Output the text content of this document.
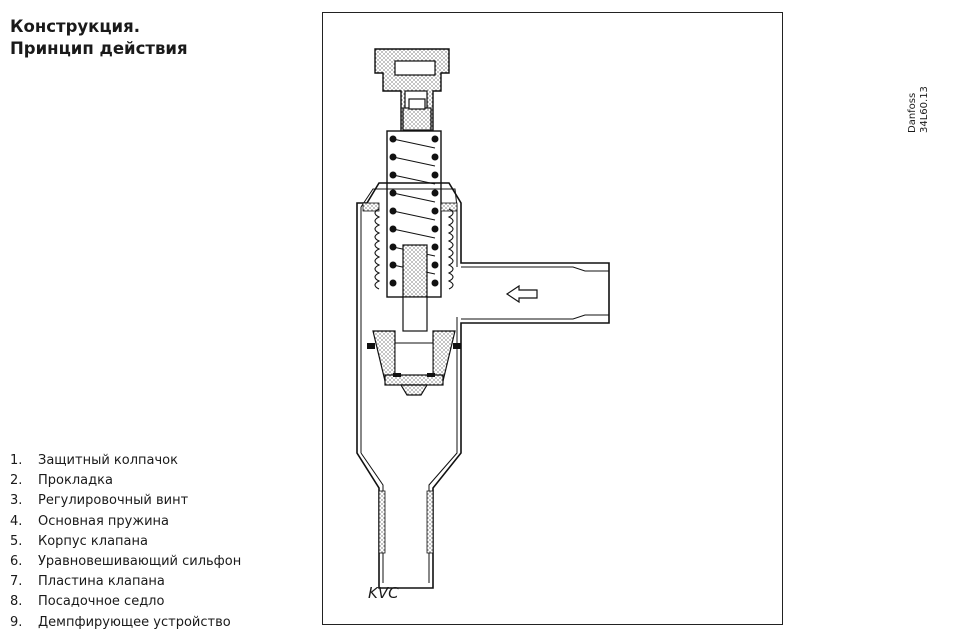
Конструкция.
Принцип действия
1.	Защитный колпачок
2.	Прокладка
3.	Регулировочный винт
4.	Основная пружина
5.	Корпус клапана
6.	Уравновешивающий сильфон
7.	Пластина клапана
8.	Посадочное седло
9.	Демпфирующее устройство
Danfoss 34L60.13
KVC
